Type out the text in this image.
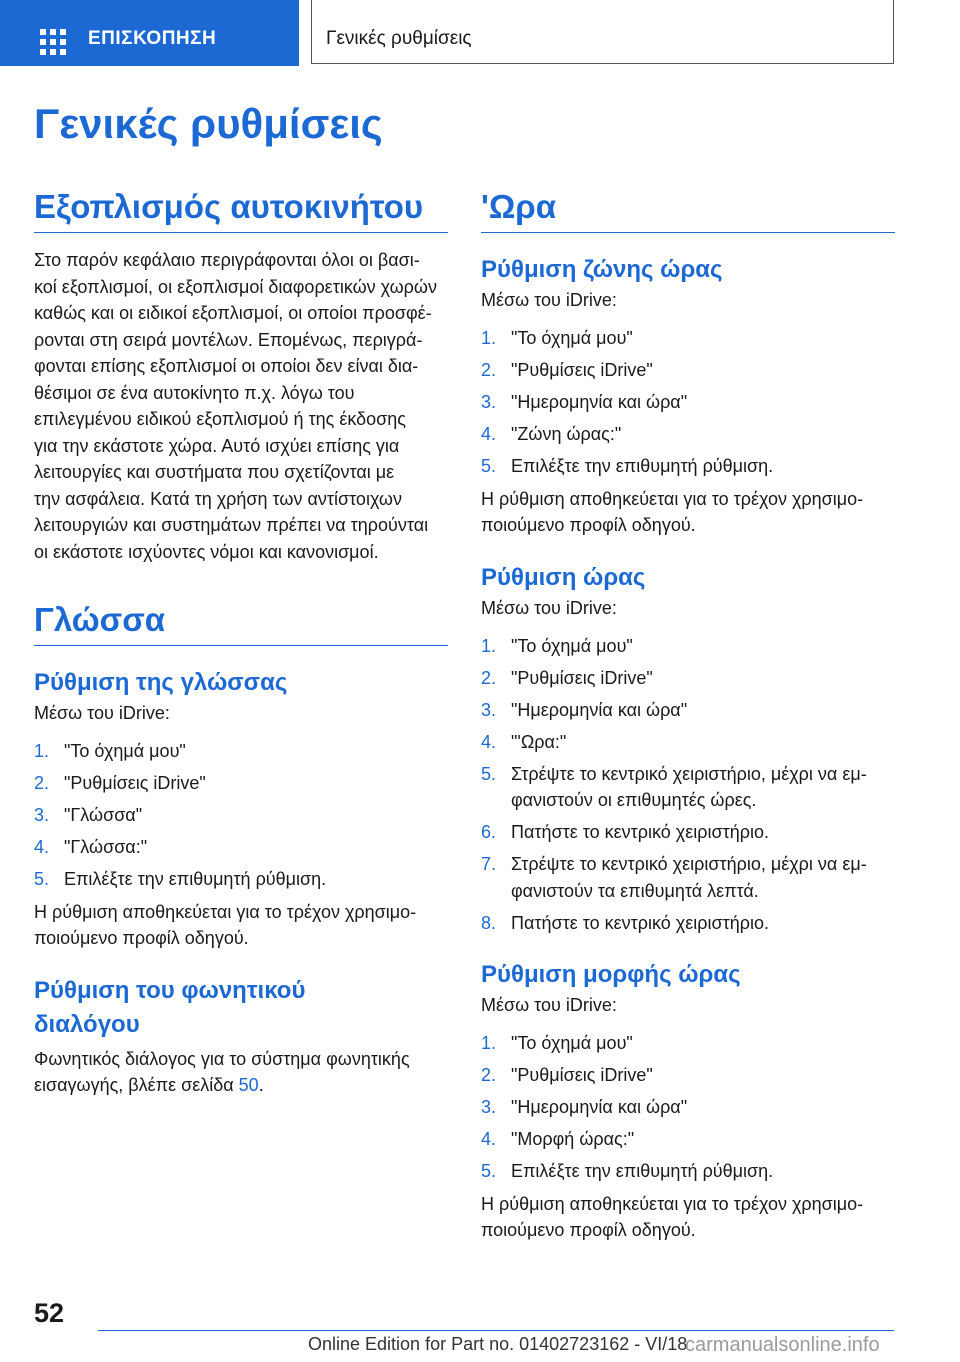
ΕΠΙΣΚΟΠΗΣΗ	Γενικές ρυθμίσεις
Γενικές ρυθμίσεις
Εξοπλισμός αυτοκινήτου

Στο παρόν κεφάλαιο περιγράφονται όλοι οι βασι‐
κοί εξοπλισμοί, οι εξοπλισμοί διαφορετικών χωρών
καθώς και οι ειδικοί εξοπλισμοί, οι οποίοι προσφέ‐
ρονται στη σειρά μοντέλων. Επομένως, περιγρά‐
φονται επίσης εξοπλισμοί οι οποίοι δεν είναι δια‐
θέσιμοι σε ένα αυτοκίνητο π.χ. λόγω του
επιλεγμένου ειδικού εξοπλισμού ή της έκδοσης
για την εκάστοτε χώρα. Αυτό ισχύει επίσης για
λειτουργίες και συστήματα που σχετίζονται με
την ασφάλεια. Κατά τη χρήση των αντίστοιχων
λειτουργιών και συστημάτων πρέπει να τηρούνται
οι εκάστοτε ισχύοντες νόμοι και κανονισμοί.

Γλώσσα
Ρύθμιση της γλώσσας

Μέσω του iDrive:

1. "Το όχημά μου"
2. "Ρυθμίσεις iDrive"
3. "Γλώσσα"
4. "Γλώσσα:"
5. Επιλέξτε την επιθυμητή ρύθμιση.

Η ρύθμιση αποθηκεύεται για το τρέχον χρησιμο‐
ποιούμενο προφίλ οδηγού.

Ρύθμιση του φωνητικού
διαλόγου

Φωνητικός διάλογος για το σύστημα φωνητικής
εισαγωγής, βλέπε σελίδα 50.

'Ωρα
Ρύθμιση ζώνης ώρας

Μέσω του iDrive:

1. "Το όχημά μου"
2. "Ρυθμίσεις iDrive"
3. "Ημερομηνία και ώρα"
4. "Ζώνη ώρας:"
5. Επιλέξτε την επιθυμητή ρύθμιση.

Η ρύθμιση αποθηκεύεται για το τρέχον χρησιμο‐
ποιούμενο προφίλ οδηγού.

Ρύθμιση ώρας

Μέσω του iDrive:

1. "Το όχημά μου"
2. "Ρυθμίσεις iDrive"
3. "Ημερομηνία και ώρα"
4. "'Ωρα:"
5. Στρέψτε το κεντρικό χειριστήριο, μέχρι να εμ‐
φανιστούν οι επιθυμητές ώρες.
6. Πατήστε το κεντρικό χειριστήριο.
7. Στρέψτε το κεντρικό χειριστήριο, μέχρι να εμ‐
φανιστούν τα επιθυμητά λεπτά.
8. Πατήστε το κεντρικό χειριστήριο.
Ρύθμιση μορφής ώρας

Μέσω του iDrive:

1. "Το όχημά μου"
2. "Ρυθμίσεις iDrive"
3. "Ημερομηνία και ώρα"
4. "Μορφή ώρας:"
5. Επιλέξτε την επιθυμητή ρύθμιση.

Η ρύθμιση αποθηκεύεται για το τρέχον χρησιμο‐
ποιούμενο προφίλ οδηγού.

52
Online Edition for Part no. 01402723162 - VI/18
carmanualsonline.info
